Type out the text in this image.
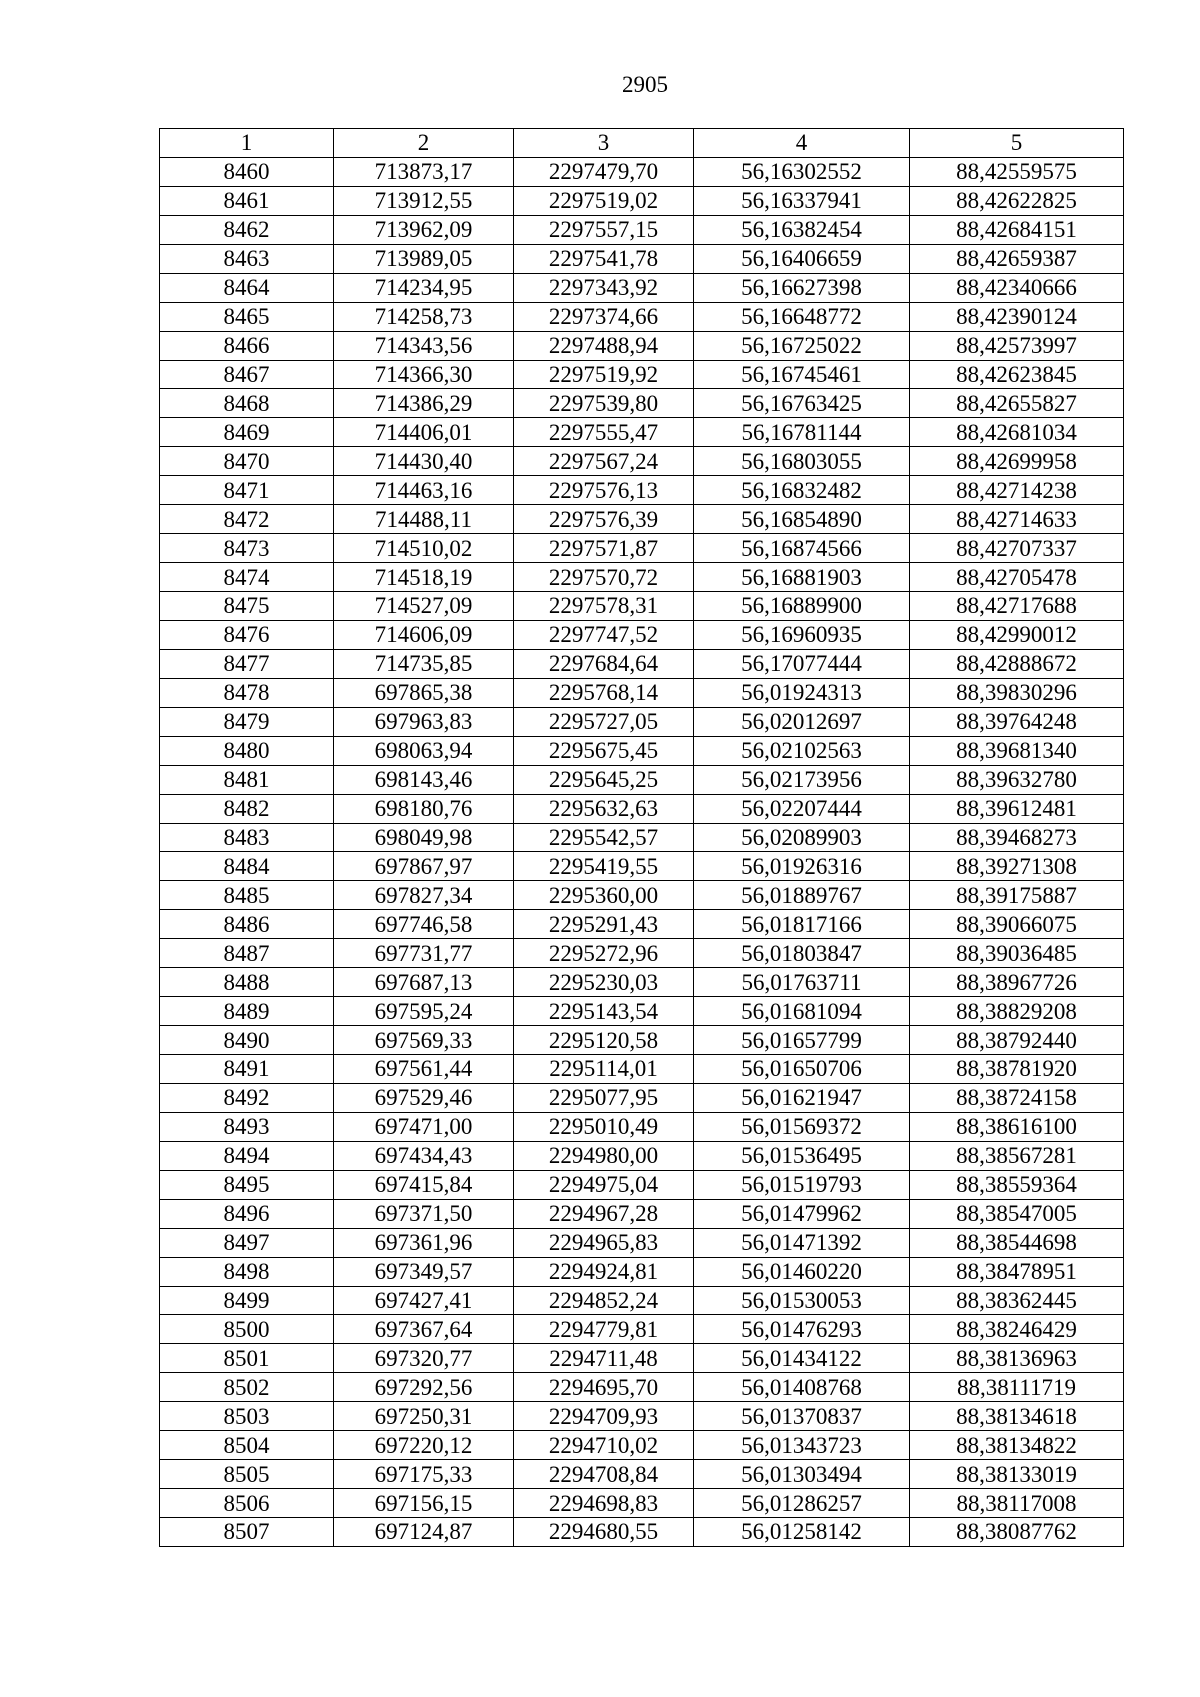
2905
1	2	3	4	5
8460	713873,17	2297479,70	56,16302552	88,42559575
8461	713912,55	2297519,02	56,16337941	88,42622825
8462	713962,09	2297557,15	56,16382454	88,42684151
8463	713989,05	2297541,78	56,16406659	88,42659387
8464	714234,95	2297343,92	56,16627398	88,42340666
8465	714258,73	2297374,66	56,16648772	88,42390124
8466	714343,56	2297488,94	56,16725022	88,42573997
8467	714366,30	2297519,92	56,16745461	88,42623845
8468	714386,29	2297539,80	56,16763425	88,42655827
8469	714406,01	2297555,47	56,16781144	88,42681034
8470	714430,40	2297567,24	56,16803055	88,42699958
8471	714463,16	2297576,13	56,16832482	88,42714238
8472	714488,11	2297576,39	56,16854890	88,42714633
8473	714510,02	2297571,87	56,16874566	88,42707337
8474	714518,19	2297570,72	56,16881903	88,42705478
8475	714527,09	2297578,31	56,16889900	88,42717688
8476	714606,09	2297747,52	56,16960935	88,42990012
8477	714735,85	2297684,64	56,17077444	88,42888672
8478	697865,38	2295768,14	56,01924313	88,39830296
8479	697963,83	2295727,05	56,02012697	88,39764248
8480	698063,94	2295675,45	56,02102563	88,39681340
8481	698143,46	2295645,25	56,02173956	88,39632780
8482	698180,76	2295632,63	56,02207444	88,39612481
8483	698049,98	2295542,57	56,02089903	88,39468273
8484	697867,97	2295419,55	56,01926316	88,39271308
8485	697827,34	2295360,00	56,01889767	88,39175887
8486	697746,58	2295291,43	56,01817166	88,39066075
8487	697731,77	2295272,96	56,01803847	88,39036485
8488	697687,13	2295230,03	56,01763711	88,38967726
8489	697595,24	2295143,54	56,01681094	88,38829208
8490	697569,33	2295120,58	56,01657799	88,38792440
8491	697561,44	2295114,01	56,01650706	88,38781920
8492	697529,46	2295077,95	56,01621947	88,38724158
8493	697471,00	2295010,49	56,01569372	88,38616100
8494	697434,43	2294980,00	56,01536495	88,38567281
8495	697415,84	2294975,04	56,01519793	88,38559364
8496	697371,50	2294967,28	56,01479962	88,38547005
8497	697361,96	2294965,83	56,01471392	88,38544698
8498	697349,57	2294924,81	56,01460220	88,38478951
8499	697427,41	2294852,24	56,01530053	88,38362445
8500	697367,64	2294779,81	56,01476293	88,38246429
8501	697320,77	2294711,48	56,01434122	88,38136963
8502	697292,56	2294695,70	56,01408768	88,38111719
8503	697250,31	2294709,93	56,01370837	88,38134618
8504	697220,12	2294710,02	56,01343723	88,38134822
8505	697175,33	2294708,84	56,01303494	88,38133019
8506	697156,15	2294698,83	56,01286257	88,38117008
8507	697124,87	2294680,55	56,01258142	88,38087762
